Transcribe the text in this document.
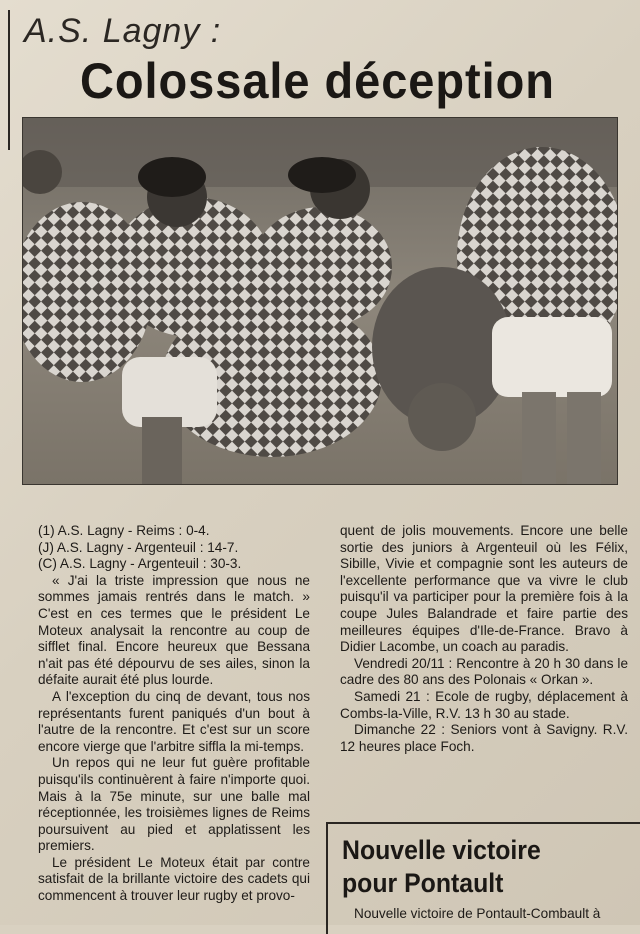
A.S. Lagny :
Colossale déception

(1) A.S. Lagny - Reims : 0-4.

(J) A.S. Lagny - Argenteuil : 14-7.

(C) A.S. Lagny - Argenteuil : 30-3.

« J'ai la triste impression que nous ne sommes jamais rentrés dans le match. » C'est en ces termes que le président Le Moteux analysait la rencontre au coup de sifflet final. Encore heureux que Bessana n'ait pas été dépourvu de ses ailes, sinon la défaite aurait été plus lourde.

A l'exception du cinq de devant, tous nos représentants furent paniqués d'un bout à l'autre de la rencontre. Et c'est sur un score encore vierge que l'arbitre siffla la mi-temps.

Un repos qui ne leur fut guère profitable puisqu'ils continuèrent à faire n'importe quoi. Mais à la 75e minute, sur une balle mal réceptionnée, les troisièmes lignes de Reims poursuivent au pied et applatissent les premiers.

Le président Le Moteux était par contre satisfait de la brillante victoire des cadets qui commencent à trouver leur rugby et provo-

quent de jolis mouvements. Encore une belle sortie des juniors à Argenteuil où les Félix, Sibille, Vivie et compagnie sont les auteurs de l'excellente performance que va vivre le club puisqu'il va participer pour la première fois à la coupe Jules Balandrade et faire partie des meilleures équipes d'Ile-de-France. Bravo à Didier Lacombe, un coach au paradis.

Vendredi 20/11 : Rencontre à 20 h 30 dans le cadre des 80 ans des Polonais « Orkan ».

Samedi 21 : Ecole de rugby, déplacement à Combs-la-Ville, R.V. 13 h 30 au stade.

Dimanche 22 : Seniors vont à Savigny. R.V. 12 heures place Foch.

Nouvelle victoire
pour Pontault
Nouvelle victoire de Pontault-Combault à
